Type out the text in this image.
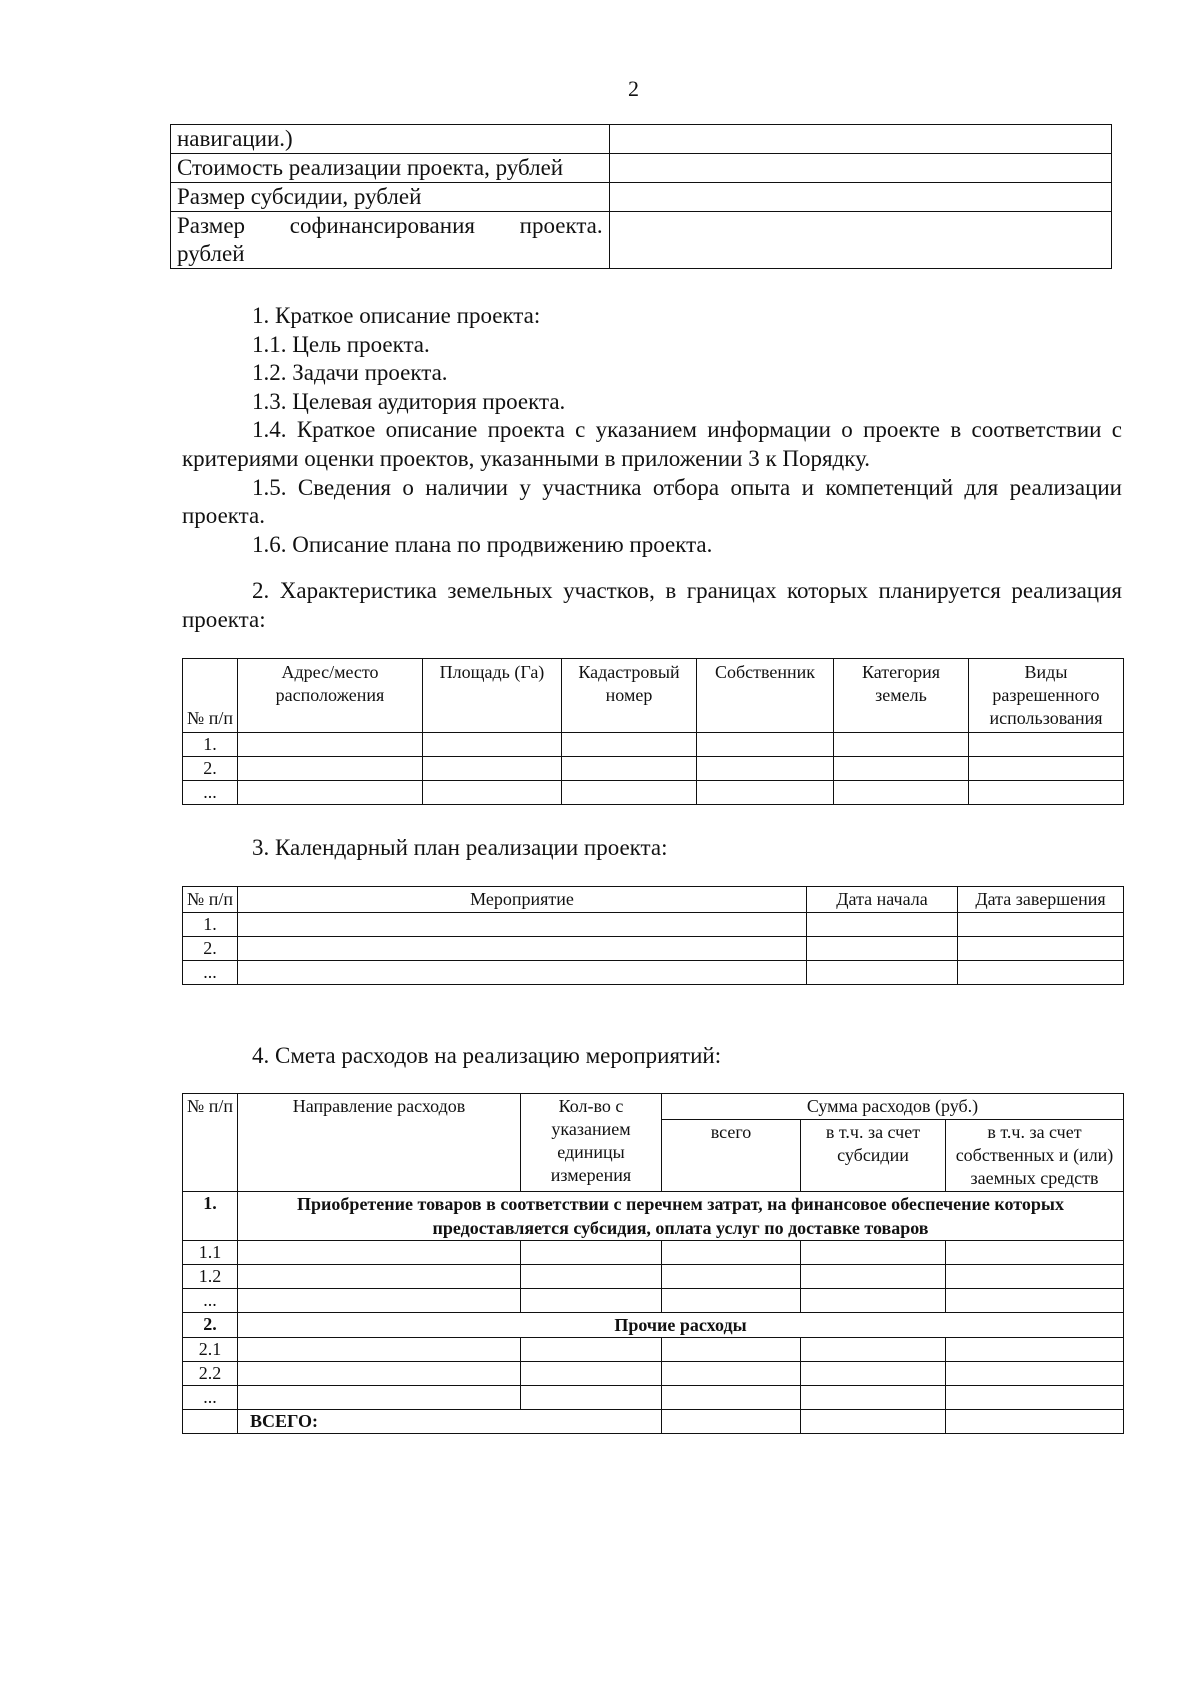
2
навигации.)	
Стоимость реализации проекта, рублей	
Размер субсидии, рублей	

Размер софинансирования проекта.
рублей	

1. Краткое описание проекта:

1.1. Цель проекта.

1.2. Задачи проекта.

1.3. Целевая аудитория проекта.

1.4. Краткое описание проекта с указанием информации о проекте в соответствии с критериями оценки проектов, указанными в приложении 3 к Порядку.

1.5. Сведения о наличии у участника отбора опыта и компетенций для реализации проекта.

1.6. Описание плана по продвижению проекта.

2. Характеристика земельных участков, в границах которых планируется реализация проекта:

№ п/п	Адрес/место расположения	Площадь (Га)	Кадастровый номер	Собственник	Категория земель	Виды разрешенного использования
1.						
2.						
...						
3. Календарный план реализации проекта:
№ п/п	Мероприятие	Дата начала	Дата завершения
1.			
2.			
...			
4. Смета расходов на реализацию мероприятий:
№ п/п	Направление расходов	Кол-во с указанием единицы измерения	Сумма расходов (руб.)		
			всего	в т.ч. за счет субсидии	в т.ч. за счет собственных и (или) заемных средств
1.	Приобретение товаров в соответствии с перечнем затрат, на финансовое обеспечение которых предоставляется субсидия, оплата услуг по доставке товаров				
1.1					
1.2					
...					
2.	Прочие расходы				
2.1					
2.2					
...					
	ВСЕГО:				
